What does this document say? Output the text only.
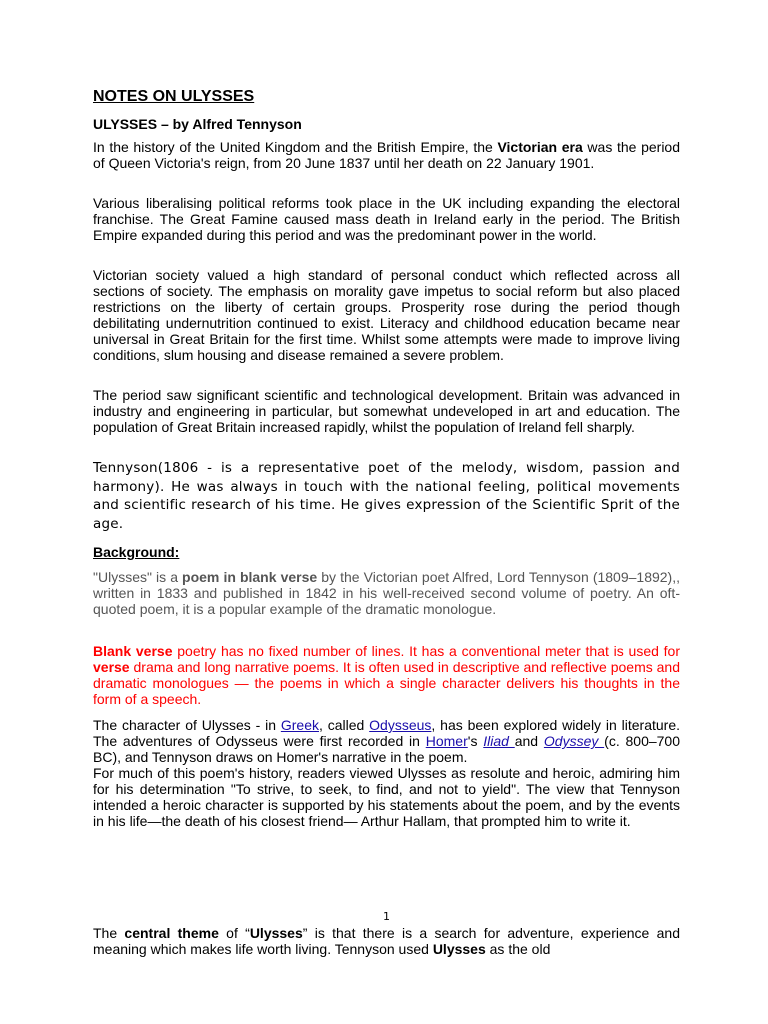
NOTES ON ULYSSES
ULYSSES – by Alfred Tennyson

In the history of the United Kingdom and the British Empire, the Victorian era was the period of Queen Victoria's reign, from 20 June 1837 until her death on 22 January 1901.

Various liberalising political reforms took place in the UK including expanding the electoral franchise. The Great Famine caused mass death in Ireland early in the period. The British Empire expanded during this period and was the predominant power in the world.

Victorian society valued a high standard of personal conduct which reflected across all sections of society. The emphasis on morality gave impetus to social reform but also placed restrictions on the liberty of certain groups. Prosperity rose during the period though debilitating undernutrition continued to exist. Literacy and childhood education became near universal in Great Britain for the first time. Whilst some attempts were made to improve living conditions, slum housing and disease remained a severe problem.

The period saw significant scientific and technological development. Britain was advanced in industry and engineering in particular, but somewhat undeveloped in art and education. The population of Great Britain increased rapidly, whilst the population of Ireland fell sharply.

Tennyson(1806 - is a representative poet of the melody, wisdom, passion and harmony). He was always in touch with the national feeling, political movements and scientific research of his time. He gives expression of the Scientific Sprit of the age.

Background:

"Ulysses" is a poem in blank verse by the Victorian poet Alfred, Lord Tennyson (1809–1892),, written in 1833 and published in 1842 in his well-received second volume of poetry. An oft-quoted poem, it is a popular example of the dramatic monologue.

Blank verse poetry has no fixed number of lines. It has a conventional meter that is used for verse drama and long narrative poems. It is often used in descriptive and reflective poems and dramatic monologues — the poems in which a single character delivers his thoughts in the form of a speech.

The character of Ulysses - in Greek, called Odysseus, has been explored widely in literature. The adventures of Odysseus were first recorded in Homer's Iliad and Odyssey (c. 800–700 BC), and Tennyson draws on Homer's narrative in the poem.
For much of this poem's history, readers viewed Ulysses as resolute and heroic, admiring him for his determination "To strive, to seek, to find, and not to yield". The view that Tennyson intended a heroic character is supported by his statements about the poem, and by the events in his life—the death of his closest friend— Arthur Hallam, that prompted him to write it.

1

The central theme of “Ulysses” is that there is a search for adventure, experience and meaning which makes life worth living. Tennyson used Ulysses as the old
